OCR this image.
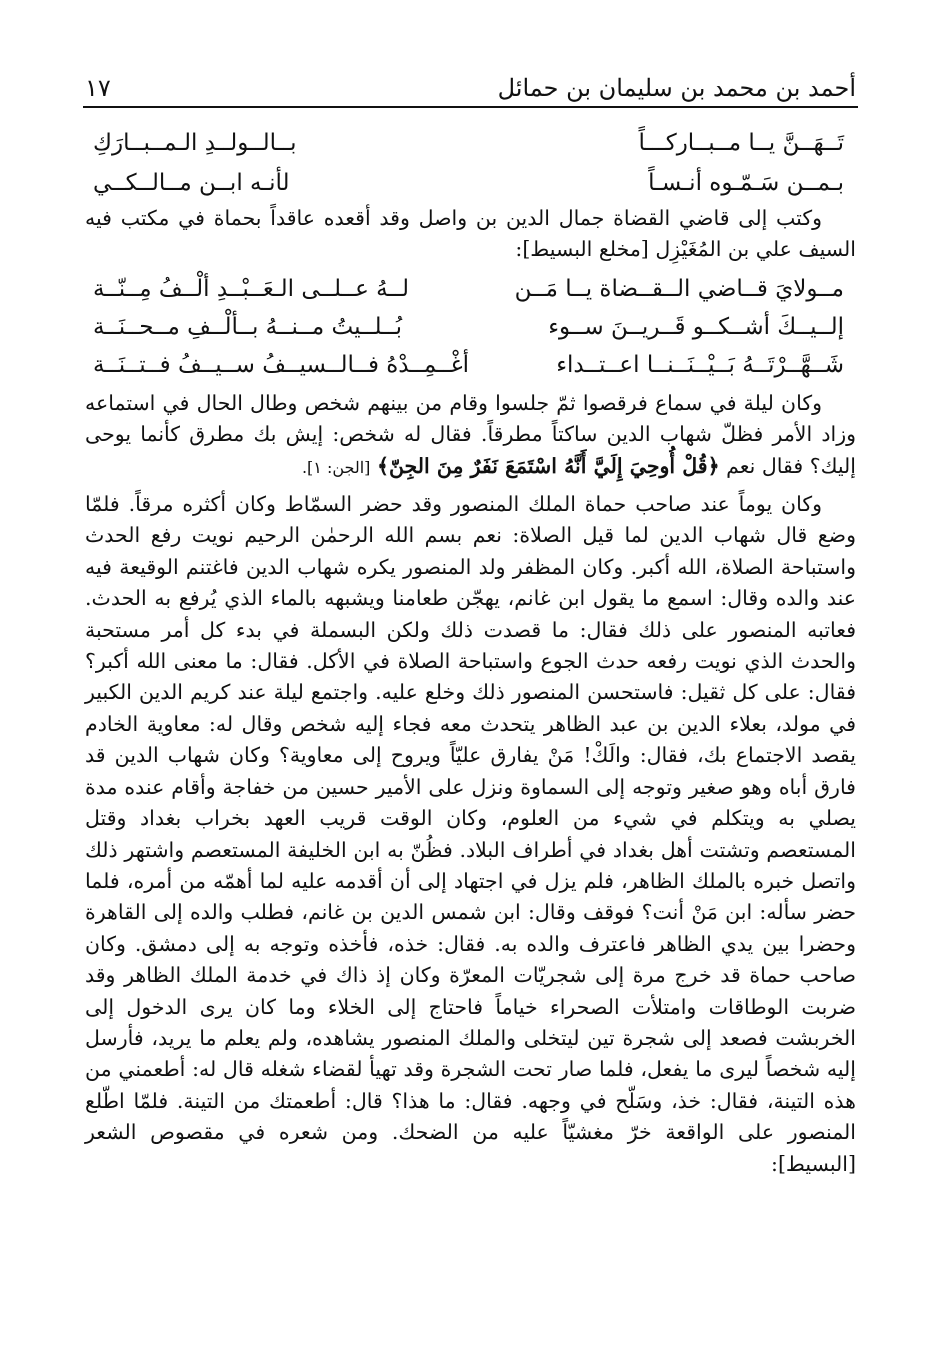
١٧	أحمد بن محمد بن سليمان بن حمائل
تَــهَــنَّ يــا مــبــاركـــاً
بــالــولــدِ الـمــبــارَكِ
بـمــن سَـمّـوه أنـسـاً
لأنـه ابــن مــالــكــي

وكتب إلى قاضي القضاة جمال الدين بن واصل وقد أقعده عاقداً بحماة في مكتب فيه السيف علي بن المُغَيْزِل [مخلع البسيط]:

مــولايَ قــاضي الــقــضاة يــا مَــن
لــهُ عــلــى الـعَــبْــدِ ألْــفُ مِــنّــة
إلــيــكَ أشــكــو قَــريــنَ ســوء
بُــلــيتُ مــنــهُ بــألْــفِ مــحــنَــة
شَــهَّــرْتَــهُ بَــيْــنَــنــا اعــتــداء
أغْــمِــدْهُ فــالــسيــفُ ســيــفُ فــتــنَــة

وكان ليلة في سماع فرقصوا ثمّ جلسوا وقام من بينهم شخص وطال الحال في استماعه وزاد الأمر فظلّ شهاب الدين ساكتاً مطرقاً. فقال له شخص: إيش بك مطرق كأنما يوحى إليك؟ فقال نعم ﴿قُلْ أُوحِيَ إِلَيَّ أَنَّهُ اسْتَمَعَ نَفَرٌ مِنَ الجِنّ﴾ [الجن: ١].

وكان يوماً عند صاحب حماة الملك المنصور وقد حضر السمّاط وكان أكثره مرقاً. فلمّا وضع قال شهاب الدين لما قيل الصلاة: نعم بسم الله الرحمٰن الرحيم نويت رفع الحدث واستباحة الصلاة، الله أكبر. وكان المظفر ولد المنصور يكره شهاب الدين فاغتنم الوقيعة فيه عند والده وقال: اسمع ما يقول ابن غانم، يهجّن طعامنا ويشبهه بالماء الذي يُرفع به الحدث. فعاتبه المنصور على ذلك فقال: ما قصدت ذلك ولكن البسملة في بدء كل أمر مستحبة والحدث الذي نويت رفعه حدث الجوع واستباحة الصلاة في الأكل. فقال: ما معنى الله أكبر؟ فقال: على كل ثقيل: فاستحسن المنصور ذلك وخلع عليه. واجتمع ليلة عند كريم الدين الكبير في مولد، بعلاء الدين بن عبد الظاهر يتحدث معه فجاء إليه شخص وقال له: معاوية الخادم يقصد الاجتماع بك، فقال: والَكْ! مَنْ يفارق عليّاً ويروح إلى معاوية؟ وكان شهاب الدين قد فارق أباه وهو صغير وتوجه إلى السماوة ونزل على الأمير حسين من خفاجة وأقام عنده مدة يصلي به ويتكلم في شيء من العلوم، وكان الوقت قريب العهد بخراب بغداد وقتل المستعصم وتشتت أهل بغداد في أطراف البلاد. فظُنّ به ابن الخليفة المستعصم واشتهر ذلك واتصل خبره بالملك الظاهر، فلم يزل في اجتهاد إلى أن أقدمه عليه لما أهمّه من أمره، فلما حضر سأله: ابن مَنْ أنت؟ فوقف وقال: ابن شمس الدين بن غانم، فطلب والده إلى القاهرة وحضرا بين يدي الظاهر فاعترف والده به. فقال: خذه، فأخذه وتوجه به إلى دمشق. وكان صاحب حماة قد خرج مرة إلى شجريّات المعرّة وكان إذ ذاك في خدمة الملك الظاهر وقد ضربت الوطاقات وامتلأت الصحراء خياماً فاحتاج إلى الخلاء وما كان يرى الدخول إلى الخربشت فصعد إلى شجرة تين ليتخلى والملك المنصور يشاهده، ولم يعلم ما يريد، فأرسل إليه شخصاً ليرى ما يفعل، فلما صار تحت الشجرة وقد تهيأ لقضاء شغله قال له: أطعمني من هذه التينة، فقال: خذ، وسَلّح في وجهه. فقال: ما هذا؟ قال: أطعمتك من التينة. فلمّا اطّلع المنصور على الواقعة خرّ مغشيّاً عليه من الضحك. ومن شعره في مقصوص الشعر [البسيط]:
